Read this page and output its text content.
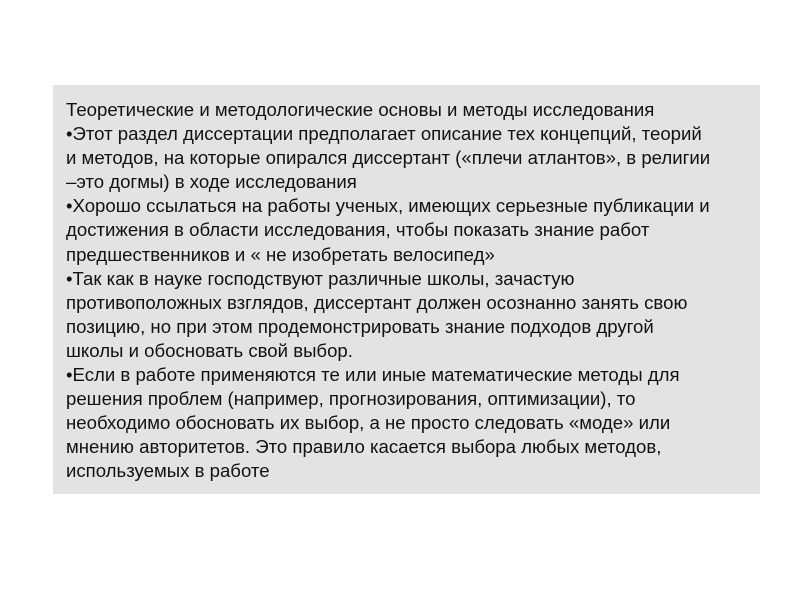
Теоретические и методологические основы и методы исследования
•Этот раздел диссертации предполагает описание тех концепций, теорий
и методов, на которые опирался диссертант («плечи атлантов», в религии
–это догмы) в ходе исследования
•Хорошо ссылаться на работы ученых, имеющих серьезные публикации и
достижения в области исследования, чтобы показать знание работ
предшественников и « не изобретать велосипед»
•Так как в науке господствуют различные школы, зачастую
противоположных взглядов, диссертант должен осознанно занять свою
позицию, но при этом продемонстрировать знание подходов другой
школы и обосновать свой выбор.
•Если в работе применяются те или иные математические методы для
решения проблем (например, прогнозирования, оптимизации), то
необходимо обосновать их выбор, а не просто следовать «моде» или
мнению авторитетов. Это правило касается выбора любых методов,
используемых в работе
